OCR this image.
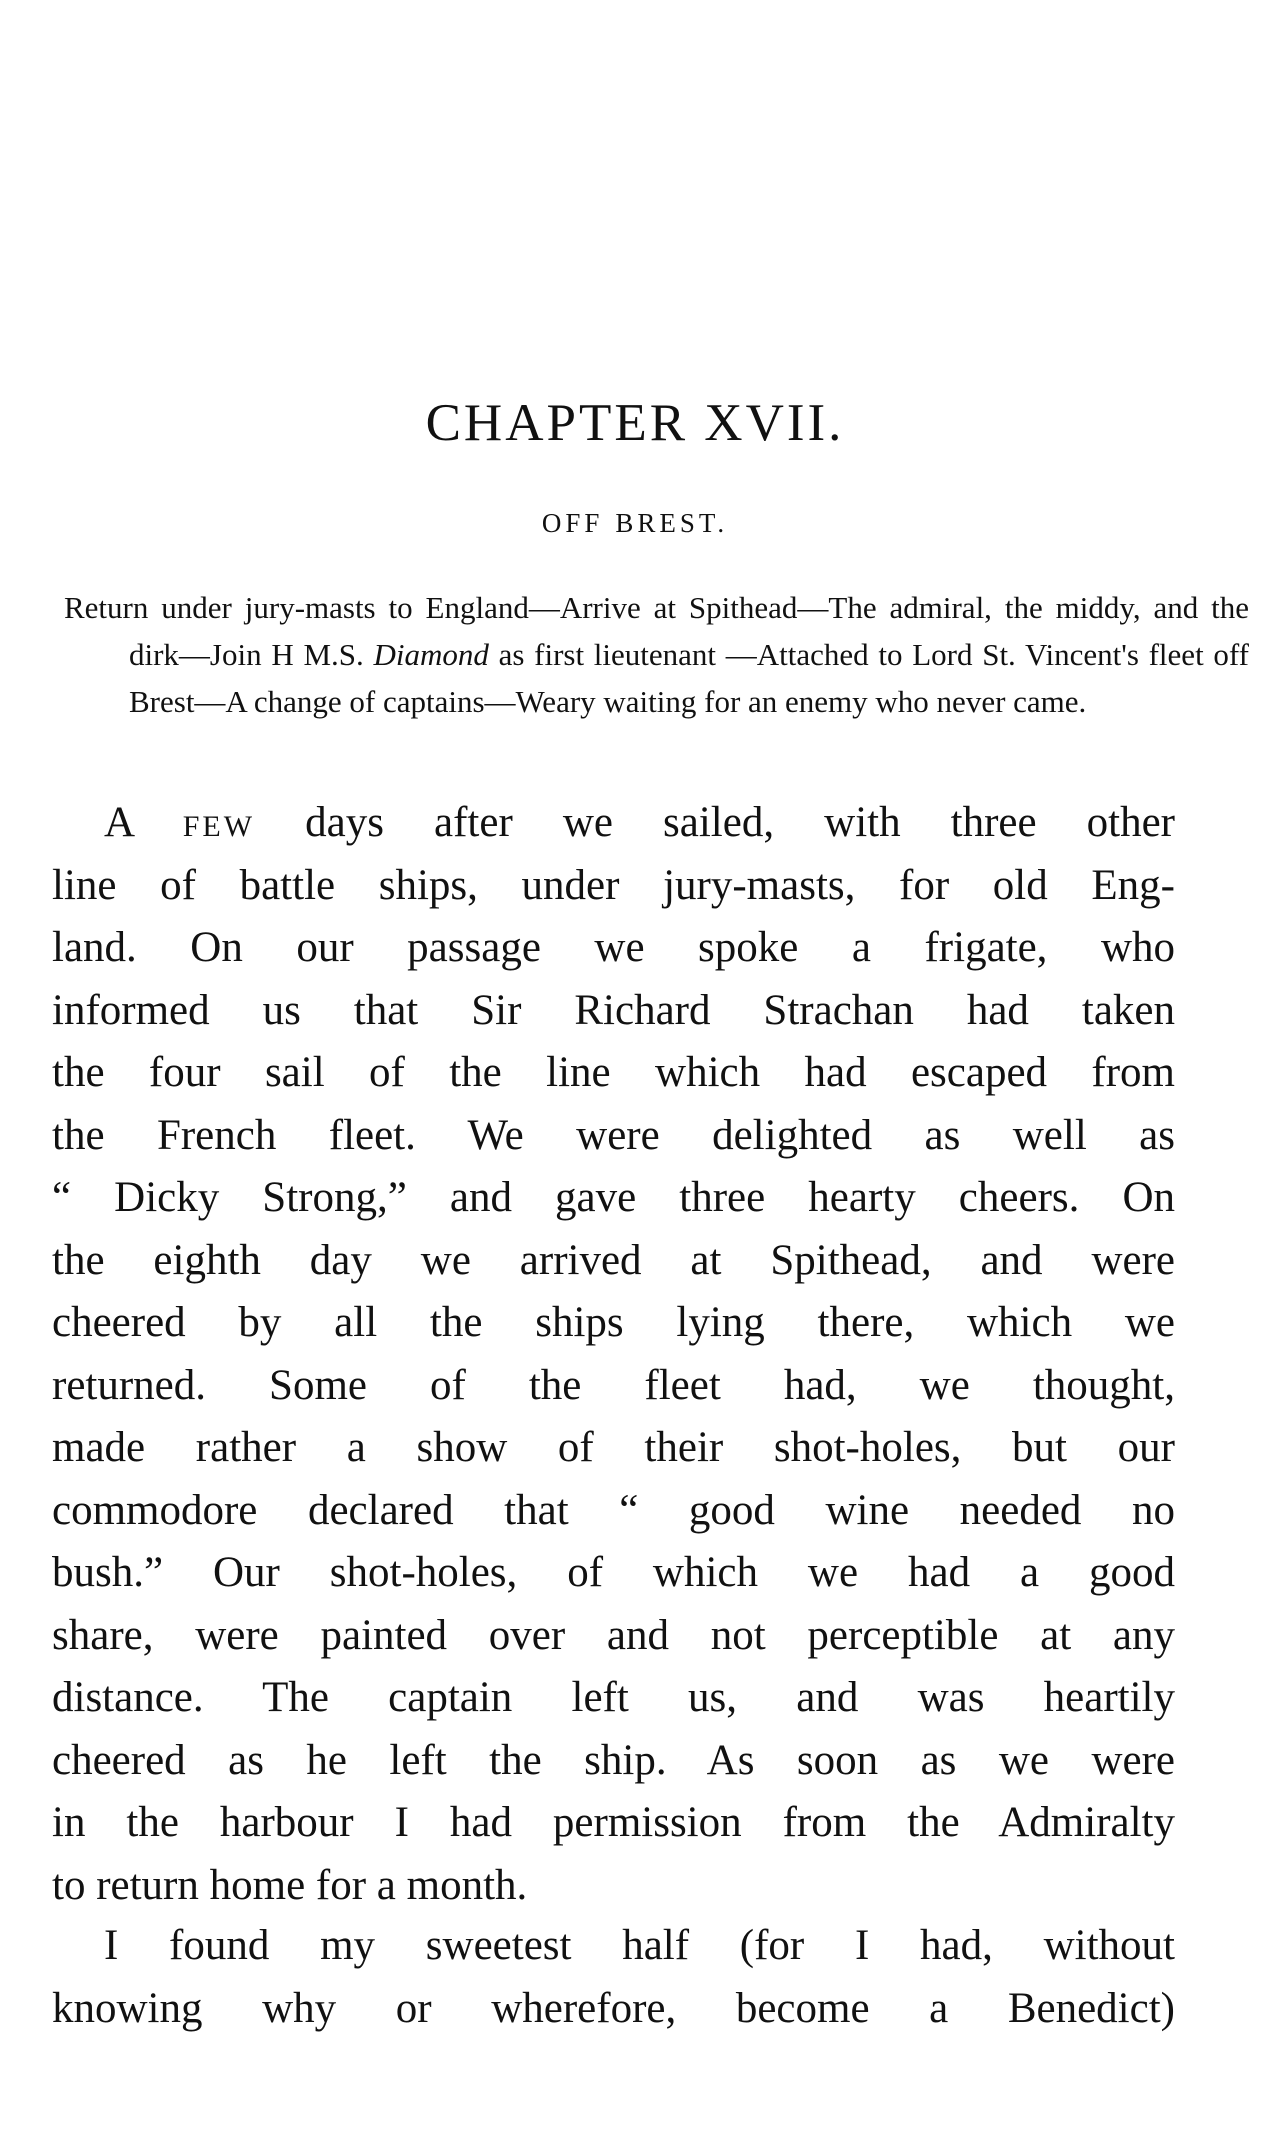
CHAPTER XVII.
OFF BREST.

Return under jury-masts to England—Arrive at Spithead—The admiral, the middy, and the dirk—Join H M.S. Diamond as first lieutenant —Attached to Lord St. Vincent's fleet off Brest—A change of captains—Weary waiting for an enemy who never came.

A few days after we sailed, with three other
line of battle ships, under jury-masts, for old Eng-
land. On our passage we spoke a frigate, who
informed us that Sir Richard Strachan had taken
the four sail of the line which had escaped from
the French fleet. We were delighted as well as
“ Dicky Strong,” and gave three hearty cheers. On
the eighth day we arrived at Spithead, and were
cheered by all the ships lying there, which we
returned. Some of the fleet had, we thought,
made rather a show of their shot-holes, but our
commodore declared that “ good wine needed no
bush.” Our shot-holes, of which we had a good
share, were painted over and not perceptible at any
distance. The captain left us, and was heartily
cheered as he left the ship. As soon as we were
in the harbour I had permission from the Admiralty
to return home for a month.
I found my sweetest half (for I had, without
knowing why or wherefore, become a Benedict)
